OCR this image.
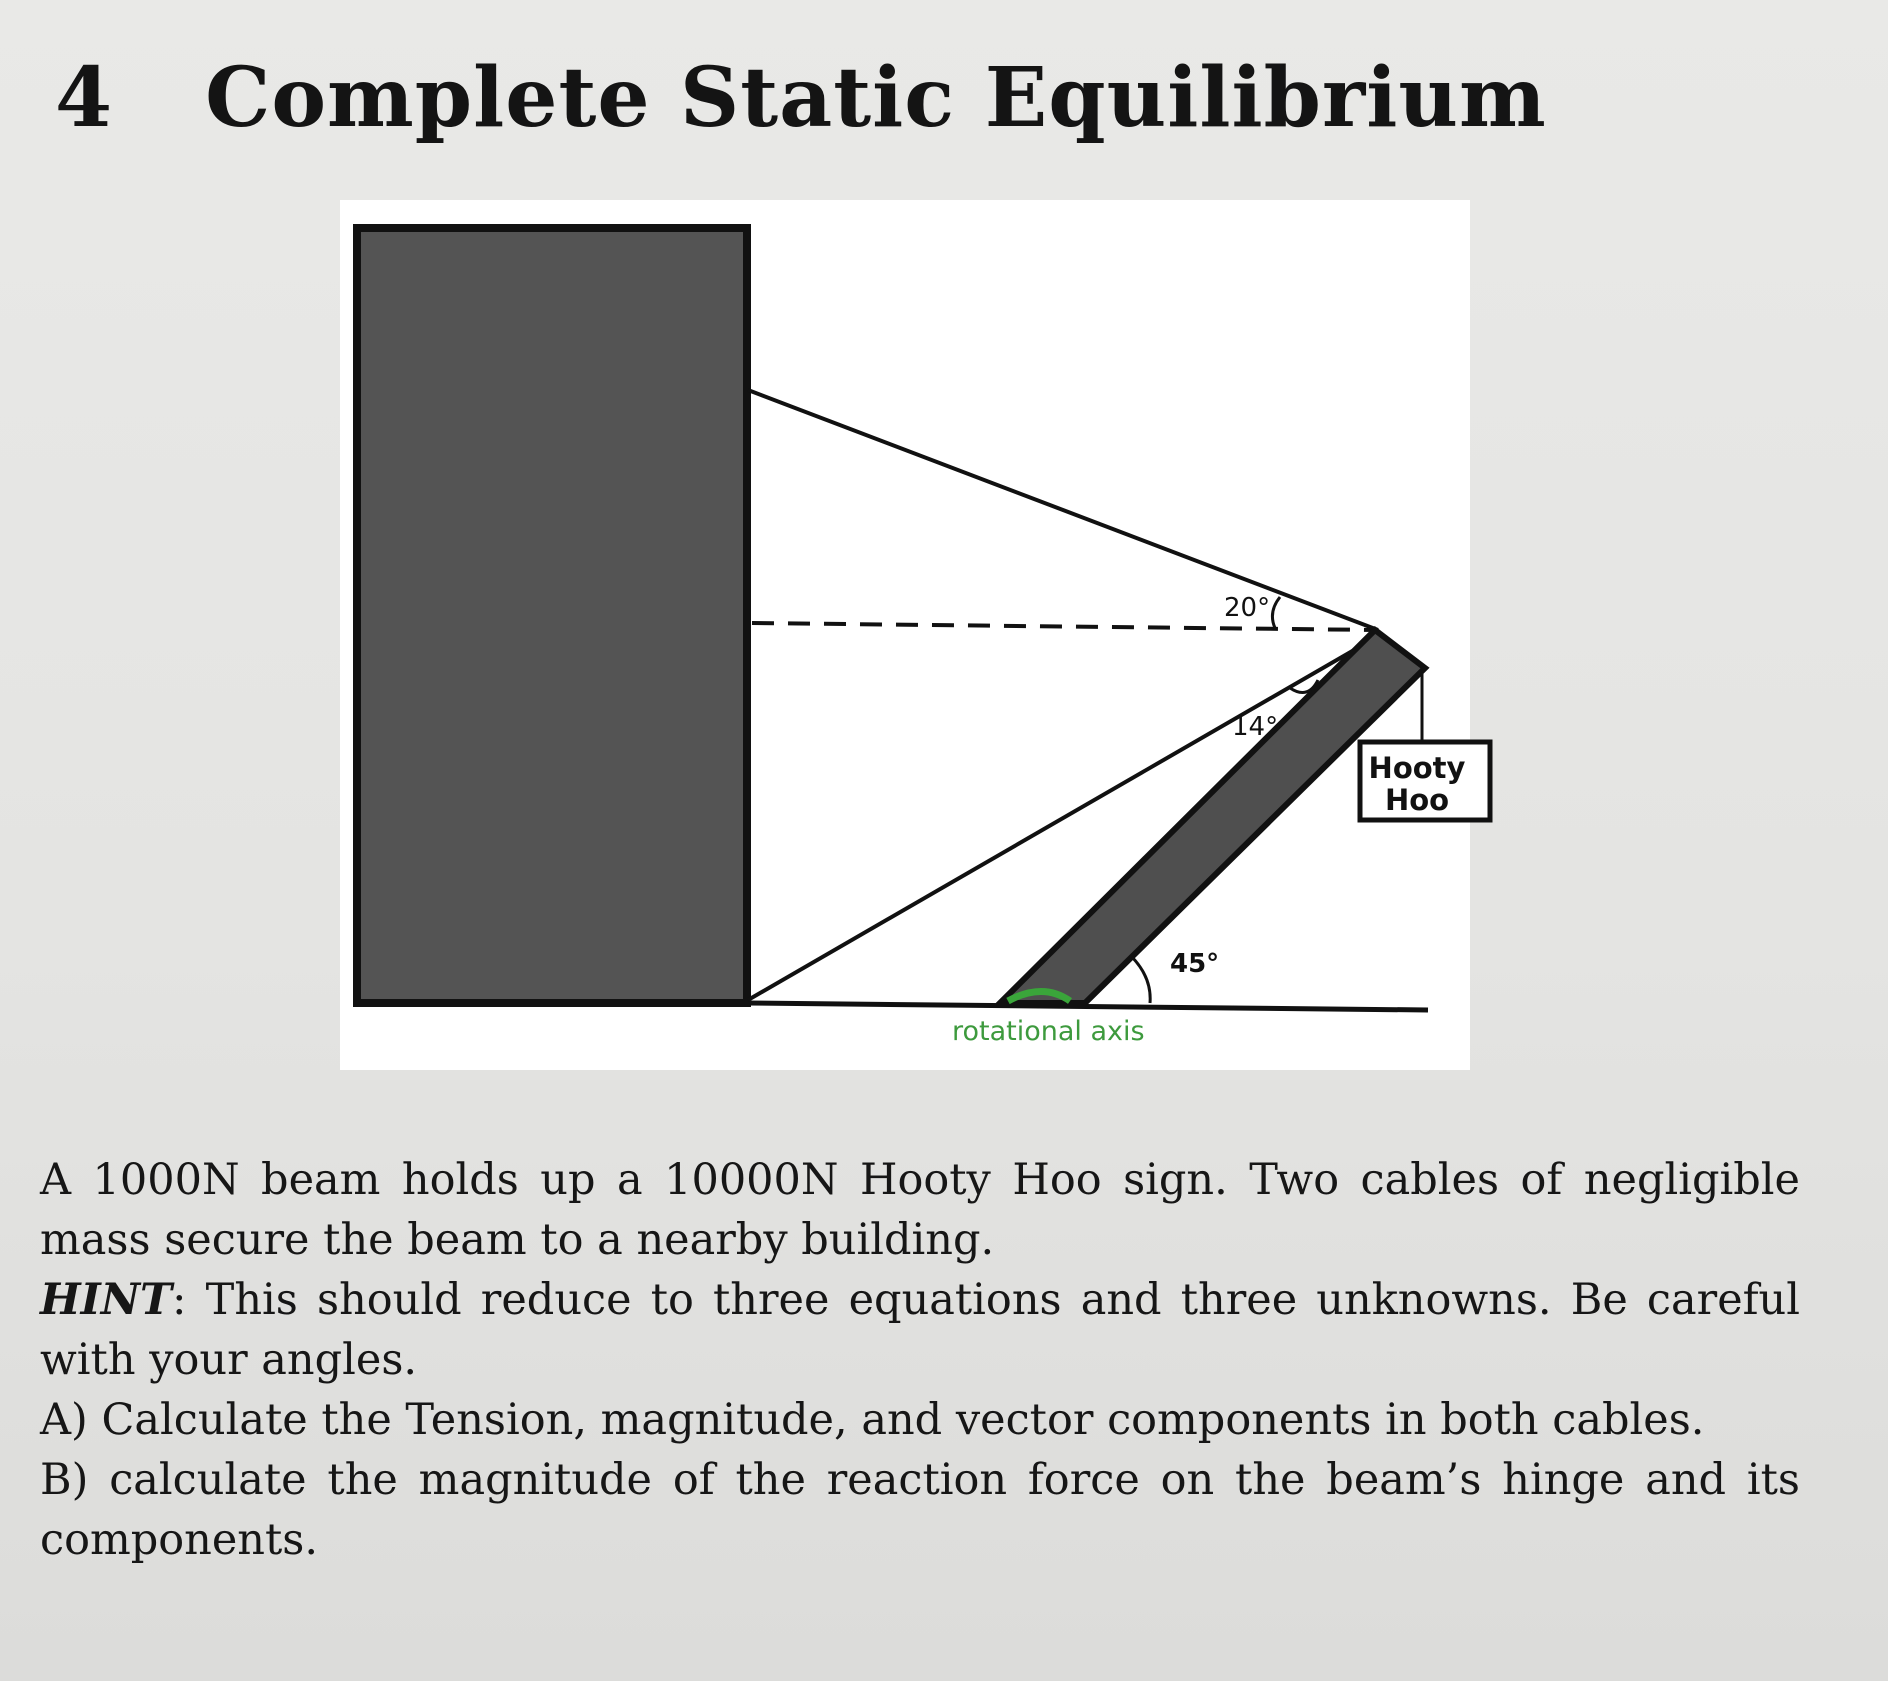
Hooty
Hoo
20°
14°
45°
rotational axis
4 Complete Static Equilibrium

A 1000N beam holds up a 10000N Hooty Hoo sign. Two cables of negligible mass secure the beam to a nearby building.

HINT: This should reduce to three equations and three unknowns. Be careful with your angles.

A) Calculate the Tension, magnitude, and vector components in both cables.

B) calculate the magnitude of the reaction force on the beam’s hinge and its components.
